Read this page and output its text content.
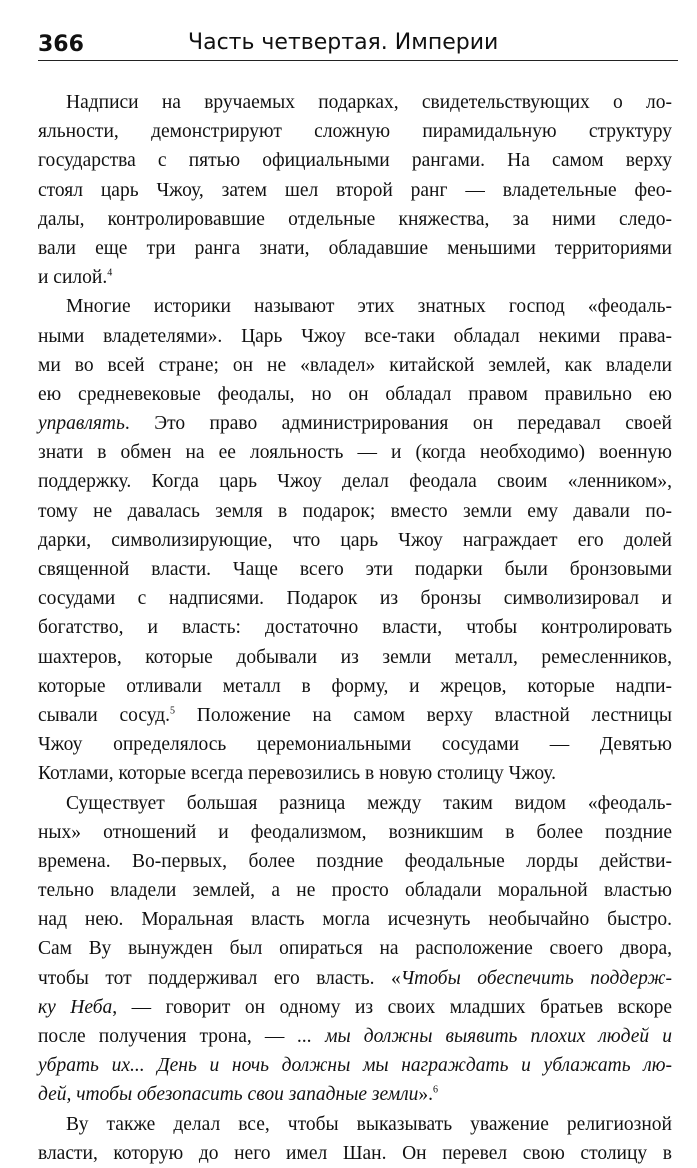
366	Часть четвертая. Империи
Надписи на вручаемых подарках, свидетельствующих о ло-
яльности, демонстрируют сложную пирамидальную структуру
государства с пятью официальными рангами. На самом верху
стоял царь Чжоу, затем шел второй ранг — владетельные фео-
далы, контролировавшие отдельные княжества, за ними следо-
вали еще три ранга знати, обладавшие меньшими территориями
и силой.$^4$
Многие историки называют этих знатных господ «феодаль-
ными владетелями». Царь Чжоу все-таки обладал некими права-
ми во всей стране; он не «владел» китайской землей, как владели
ею средневековые феодалы, но он обладал правом правильно ею
управлять. Это право администрирования он передавал своей
знати в обмен на ее лояльность — и (когда необходимо) военную
поддержку. Когда царь Чжоу делал феодала своим «ленником»,
тому не давалась земля в подарок; вместо земли ему давали по-
дарки, символизирующие, что царь Чжоу награждает его долей
священной власти. Чаще всего эти подарки были бронзовыми
сосудами с надписями. Подарок из бронзы символизировал и
богатство, и власть: достаточно власти, чтобы контролировать
шахтеров, которые добывали из земли металл, ремесленников,
которые отливали металл в форму, и жрецов, которые надпи-
сывали сосуд.$^5$ Положение на самом верху властной лестницы
Чжоу определялось церемониальными сосудами — Девятью
Котлами, которые всегда перевозились в новую столицу Чжоу.
Существует большая разница между таким видом «феодаль-
ных» отношений и феодализмом, возникшим в более поздние
времена. Во-первых, более поздние феодальные лорды действи-
тельно владели землей, а не просто обладали моральной властью
над нею. Моральная власть могла исчезнуть необычайно быстро.
Сам Ву вынужден был опираться на расположение своего двора,
чтобы тот поддерживал его власть. «Чтобы обеспечить поддерж-
ку Неба, — говорит он одному из своих младших братьев вскоре
после получения трона, — ... мы должны выявить плохих людей и
убрать их... День и ночь должны мы награждать и ублажать лю-
дей, чтобы обезопасить свои западные земли».$^6$
Ву также делал все, чтобы выказывать уважение религиозной
власти, которую до него имел Шан. Он перевел свою столицу в
